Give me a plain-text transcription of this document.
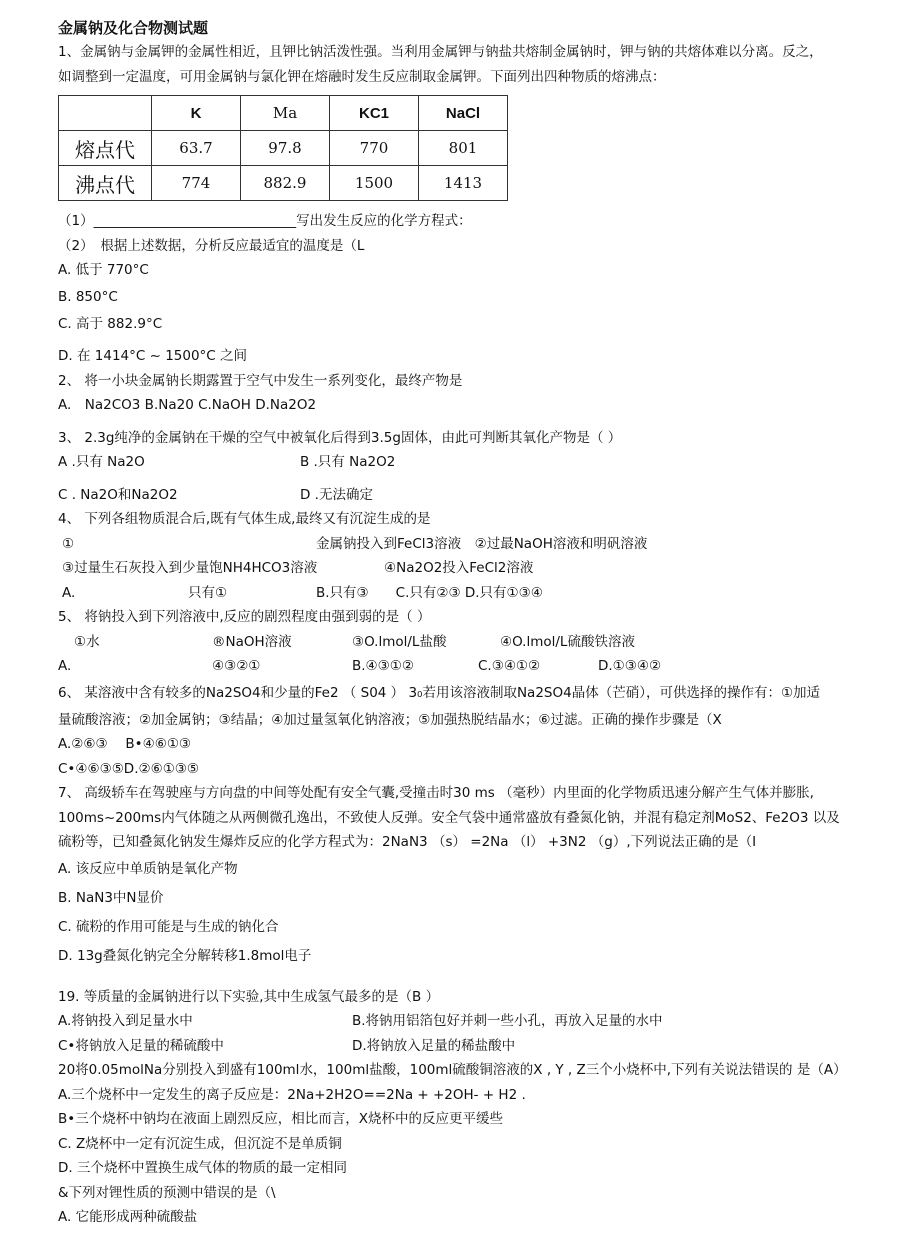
金属钠及化合物测试题
1、金属钠与金属钾的金属性相近，且钾比钠活泼性强。当利用金属钾与钠盐共熔制金属钠时，钾与钠的共熔体难以分离。反之，
如调整到一定温度，可用金属钠与氯化钾在熔融时发生反应制取金属钾。下面列出四种物质的熔沸点：
	K	Ma	KC1	NaCl
熔点代	63.7	97.8	770	801
沸点代	774	882.9	1500	1413
（1）______________________________写出发生反应的化学方程式：
（2）　根据上述数据，分析反应最适宜的温度是（L
A. 低于 770°C
B. 850°C
C. 高于 882.9°C
D. 在 1414°C ~ 1500°C 之间
2、 将一小块金属钠长期露置于空气中发生一系列变化，最终产物是
A.　Na2CO3 B.Na20 C.NaOH D.Na2O2
3、 2.3g纯净的金属钠在干燥的空气中被氧化后得到3.5g固体，由此可判断其氧化产物是（ ）
A .只有 Na2O	B .只有 Na2O2
C . Na2O和Na2O2	D .无法确定
4、 下列各组物质混合后,既有气体生成,最终又有沉淀生成的是
①	金属钠投入到FeCl3溶液　②过最NaOH溶液和明矾溶液
③过量生石灰投入到少量饱NH4HCO3溶液	④Na2O2投入FeCl2溶液
A.	只有①	B.只有③　　C.只有②③ D.只有①③④
5、 将钠投入到下列溶液中,反应的剧烈程度由强到弱的是（ ）
①水	®NaOH溶液	③O.lmol/L盐酸	④O.lmol/L硫酸铁溶液
A.	④③②①	B.④③①②	C.③④①②	D.①③④②
6、 某溶液中含有较多的Na2SO4和少量的Fe2 （ S04 ） 3₀若用该溶液制取Na2SO4晶体（芒硝），可供选择的操作有：①加适
量硫酸溶液；②加金属钠；③结晶；④加过量氢氧化钠溶液；⑤加强热脱结晶水；⑥过滤。正确的操作步骤是（X
A.②⑥③　 B•④⑥①③
C•④⑥③⑤D.②⑥①③⑤
7、 高级轿车在驾驶座与方向盘的中间等处配有安全气囊,受撞击时30 ms （毫秒）内里面的化学物质迅速分解产生气体并膨胀,
100ms~200ms内气体随之从两侧微孔逸出，不致使人反弹。安全气袋中通常盛放有叠氮化钠，并混有稳定剂MoS2、Fe2O3 以及
硫粉等，已知叠氮化钠发生爆炸反应的化学方程式为：2NaN3 （s） =2Na （l） +3N2 （g）,下列说法正确的是（I
A. 该反应中单质钠是氧化产物
B. NaN3中N显价
C. 硫粉的作用可能是与生成的钠化合
D. 13g叠氮化钠完全分解转移1.8mol电子
19. 等质量的金属钠进行以下实验,其中生成氢气最多的是（B ）
A.将钠投入到足量水中	B.将钠用铝箔包好并刺一些小孔，再放入足量的水中
C•将钠放入足量的稀硫酸中	D.将钠放入足量的稀盐酸中
20将0.05molNa分别投入到盛有100ml水，100ml盐酸，100ml硫酸铜溶液的X , Y , Z三个小烧杯中,下列有关说法错误的 是（A）
A.三个烧杯中一定发生的离子反应是：2Na+2H2O==2Na + +2OH- + H2 .
B•三个烧杯中钠均在液面上剧烈反应，相比而言，X烧杯中的反应更平缓些
C. Z烧杯中一定有沉淀生成，但沉淀不是单质铜
D. 三个烧杯中置换生成气体的物质的最一定相同
&下列对锂性质的预测中错误的是（\
A. 它能形成两种硫酸盐
